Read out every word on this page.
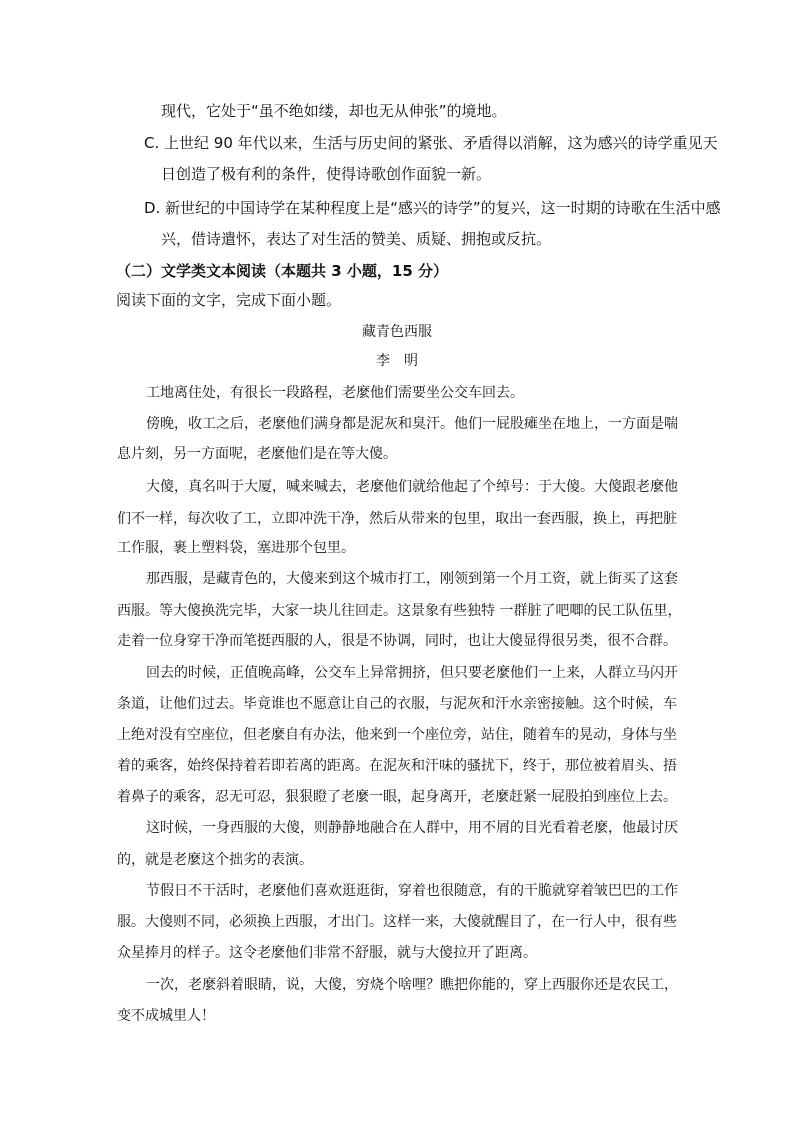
现代，它处于“虽不绝如缕，却也无从伸张”的境地。
C. 上世纪 90 年代以来，生活与历史间的紧张、矛盾得以消解，这为感兴的诗学重见天
日创造了极有利的条件，使得诗歌创作面貌一新。
D. 新世纪的中国诗学在某种程度上是“感兴的诗学”的复兴，这一时期的诗歌在生活中感
兴，借诗遣怀，表达了对生活的赞美、质疑、拥抱或反抗。
（二）文学类文本阅读（本题共 3 小题，15 分）
阅读下面的文字，完成下面小题。
藏青色西服
李　明
工地离住处，有很长一段路程，老麼他们需要坐公交车回去。
傍晚，收工之后，老麼他们满身都是泥灰和臭汗。他们一屁股瘫坐在地上，一方面是喘
息片刻，另一方面呢，老麼他们是在等大傻。
大傻，真名叫于大厦，喊来喊去，老麼他们就给他起了个绰号：于大傻。大傻跟老麼他
们不一样，每次收了工，立即冲洗干净，然后从带来的包里，取出一套西服，换上，再把脏
工作服，裹上塑料袋，塞进那个包里。
那西服，是藏青色的，大傻来到这个城市打工，刚领到第一个月工资，就上街买了这套
西服。等大傻换洗完毕，大家一块儿往回走。这景象有些独特 一群脏了吧唧的民工队伍里，
走着一位身穿干净而笔挺西服的人，很是不协调，同时，也让大傻显得很另类，很不合群。
回去的时候，正值晚高峰，公交车上异常拥挤，但只要老麼他们一上来，人群立马闪开
条道，让他们过去。毕竟谁也不愿意让自己的衣服，与泥灰和汗水亲密接触。这个时候，车
上绝对没有空座位，但老麼自有办法，他来到一个座位旁，站住，随着车的晃动，身体与坐
着的乘客，始终保持着若即若离的距离。在泥灰和汗味的骚扰下，终于，那位被着眉头、捂
着鼻子的乘客，忍无可忍，狠狠瞪了老麼一眼，起身离开，老麼赶紧一屁股拍到座位上去。
这时候，一身西服的大傻，则静静地融合在人群中，用不屑的目光看着老麼，他最讨厌
的，就是老麼这个拙劣的表演。
节假日不干活时，老麼他们喜欢逛逛街，穿着也很随意，有的干脆就穿着皱巴巴的工作
服。大傻则不同，必须换上西服，才出门。这样一来，大傻就醒目了，在一行人中，很有些
众星捧月的样子。这令老麼他们非常不舒服，就与大傻拉开了距离。
一次，老麼斜着眼睛，说，大傻，穷烧个啥哩？瞧把你能的，穿上西服你还是农民工，
变不成城里人！
